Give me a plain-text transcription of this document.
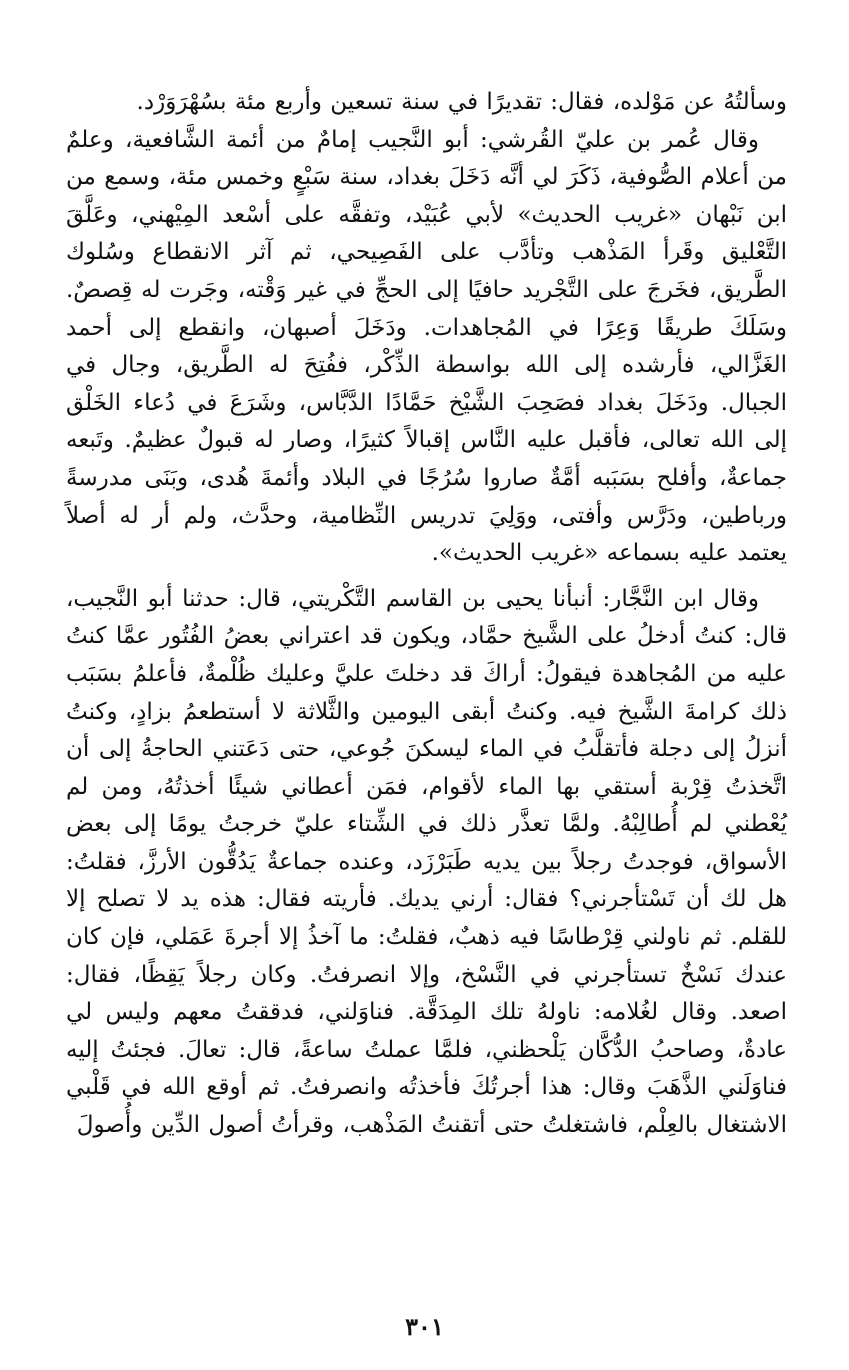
وسألتُهُ عن مَوْلده، فقال: تقديرًا في سنة تسعين وأربع مئة بسُهْرَوَرْد.

وقال عُمر بن عليّ القُرشي: أبو النَّجيب إمامٌ من أئمة الشَّافعية، وعلمٌ من أعلام الصُّوفية، ذَكَرَ لي أنَّه دَخَلَ بغداد، سنة سَبْعٍ وخمس مئة، وسمع من ابن نَبْهان «غريب الحديث» لأبي عُبَيْد، وتفقَّه على أسْعد المِيْهني، وعَلَّقَ التَّعْليق وقَرأ المَذْهب وتأدَّب على الفَصِيحي، ثم آثر الانقطاع وسُلوك الطَّريق، فخَرجَ على التَّجْريد حافيًا إلى الحجِّ في غير وَقْته، وجَرت له قِصصٌ. وسَلَكَ طريقًا وَعِرًا في المُجاهدات. ودَخَلَ أصبهان، وانقطع إلى أحمد الغَزَّالي، فأرشده إلى الله بواسطة الذِّكْر، ففُتِحَ له الطَّريق، وجال في الجبال. ودَخَلَ بغداد فصَحِبَ الشَّيْخ حَمَّادًا الدَّبَّاس، وشَرَعَ في دُعاء الخَلْق إلى الله تعالى، فأقبل عليه النَّاس إقبالاً كثيرًا، وصار له قبولٌ عظيمٌ. وتَبعه جماعةٌ، وأفلح بسَبَبه أمَّةٌ صاروا سُرُجًا في البلاد وأئمةَ هُدى، وبَنَى مدرسةً ورباطين، ودَرَّس وأفتى، ووَلِيَ تدريس النِّظامية، وحدَّث، ولم أر له أصلاً يعتمد عليه بسماعه «غريب الحديث».

وقال ابن النَّجَّار: أنبأنا يحيى بن القاسم التَّكْريتي، قال: حدثنا أبو النَّجيب، قال: كنتُ أدخلُ على الشَّيخ حمَّاد، ويكون قد اعتراني بعضُ الفُتُور عمَّا كنتُ عليه من المُجاهدة فيقولُ: أراكَ قد دخلتَ عليَّ وعليك ظُلْمةٌ، فأعلمُ بسَبَب ذلك كرامةَ الشَّيخ فيه. وكنتُ أبقى اليومين والثَّلاثة لا أستطعمُ بزادٍ، وكنتُ أنزلُ إلى دجلة فأتقلَّبُ في الماء ليسكنَ جُوعي، حتى دَعَتني الحاجةُ إلى أن اتَّخذتُ قِرْبة أستقي بها الماء لأقوام، فمَن أعطاني شيئًا أخذتُهُ، ومن لم يُعْطني لم أُطالِبْهُ. ولمَّا تعذَّر ذلك في الشِّتاء عليّ خرجتُ يومًا إلى بعض الأسواق، فوجدتُ رجلاً بين يديه طَبَرْزَد، وعنده جماعةٌ يَدُقُّون الأرزَّ، فقلتُ: هل لك أن تَسْتأجرني؟ فقال: أرني يديك. فأريته فقال: هذه يد لا تصلح إلا للقلم. ثم ناولني قِرْطاسًا فيه ذهبٌ، فقلتُ: ما آخذُ إلا أجرةَ عَمَلي، فإن كان عندك نَسْخٌ تستأجرني في النَّسْخ، وإلا انصرفتُ. وكان رجلاً يَقِظًا، فقال: اصعد. وقال لغُلامه: ناولهُ تلك المِدَقَّة. فناوَلني، فدققتُ معهم وليس لي عادةٌ، وصاحبُ الدُّكَّان يَلْحظني، فلمَّا عملتُ ساعةً، قال: تعالَ. فجئتُ إليه فناوَلَني الذَّهَبَ وقال: هذا أجرتُكَ فأخذتُه وانصرفتُ. ثم أوقع الله في قَلْبي الاشتغال بالعِلْم، فاشتغلتُ حتى أتقنتُ المَذْهب، وقرأتُ أصول الدِّين وأُصولَ

٣٠١
